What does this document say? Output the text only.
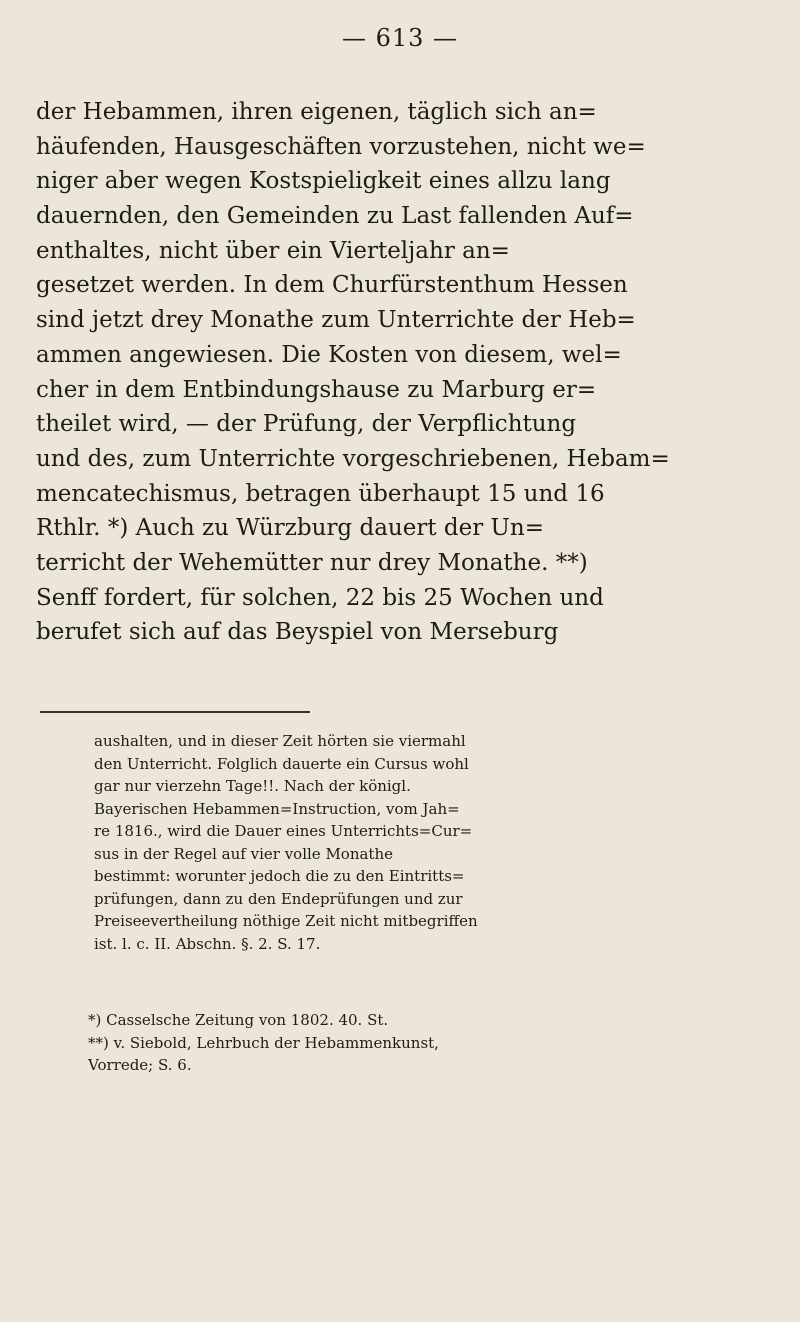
— 613 —
der Hebammen, ihren eigenen, täglich sich an=
häufenden, Hausgeschäften vorzustehen, nicht we=
niger aber wegen Kostspieligkeit eines allzu lang
dauernden, den Gemeinden zu Last fallenden Auf=
enthaltes, nicht über ein Vierteljahr an=
gesetzet werden. In dem Churfürstenthum Hessen
sind jetzt drey Monathe zum Unterrichte der Heb=
ammen angewiesen. Die Kosten von diesem, wel=
cher in dem Entbindungshause zu Marburg er=
theilet wird, — der Prüfung, der Verpflichtung
und des, zum Unterrichte vorgeschriebenen, Hebam=
mencatechismus, betragen überhaupt 15 und 16
Rthlr. *) Auch zu Würzburg dauert der Un=
terricht der Wehemütter nur drey Monathe. **)
Senff fordert, für solchen, 22 bis 25 Wochen und
berufet sich auf das Beyspiel von Merseburg
aushalten, und in dieser Zeit hörten sie viermahl
den Unterricht. Folglich dauerte ein Cursus wohl
gar nur vierzehn Tage!!. Nach der königl.
Bayerischen Hebammen=Instruction, vom Jah=
re 1816., wird die Dauer eines Unterrichts=Cur=
sus in der Regel auf vier volle Monathe
bestimmt: worunter jedoch die zu den Eintritts=
prüfungen, dann zu den Endeprüfungen und zur
Preiseevertheilung nöthige Zeit nicht mitbegriffen
ist. l. c. II. Abschn. §. 2. S. 17.
*) Casselsche Zeitung von 1802. 40. St.
**) v. Siebold, Lehrbuch der Hebammenkunst,
Vorrede; S. 6.
